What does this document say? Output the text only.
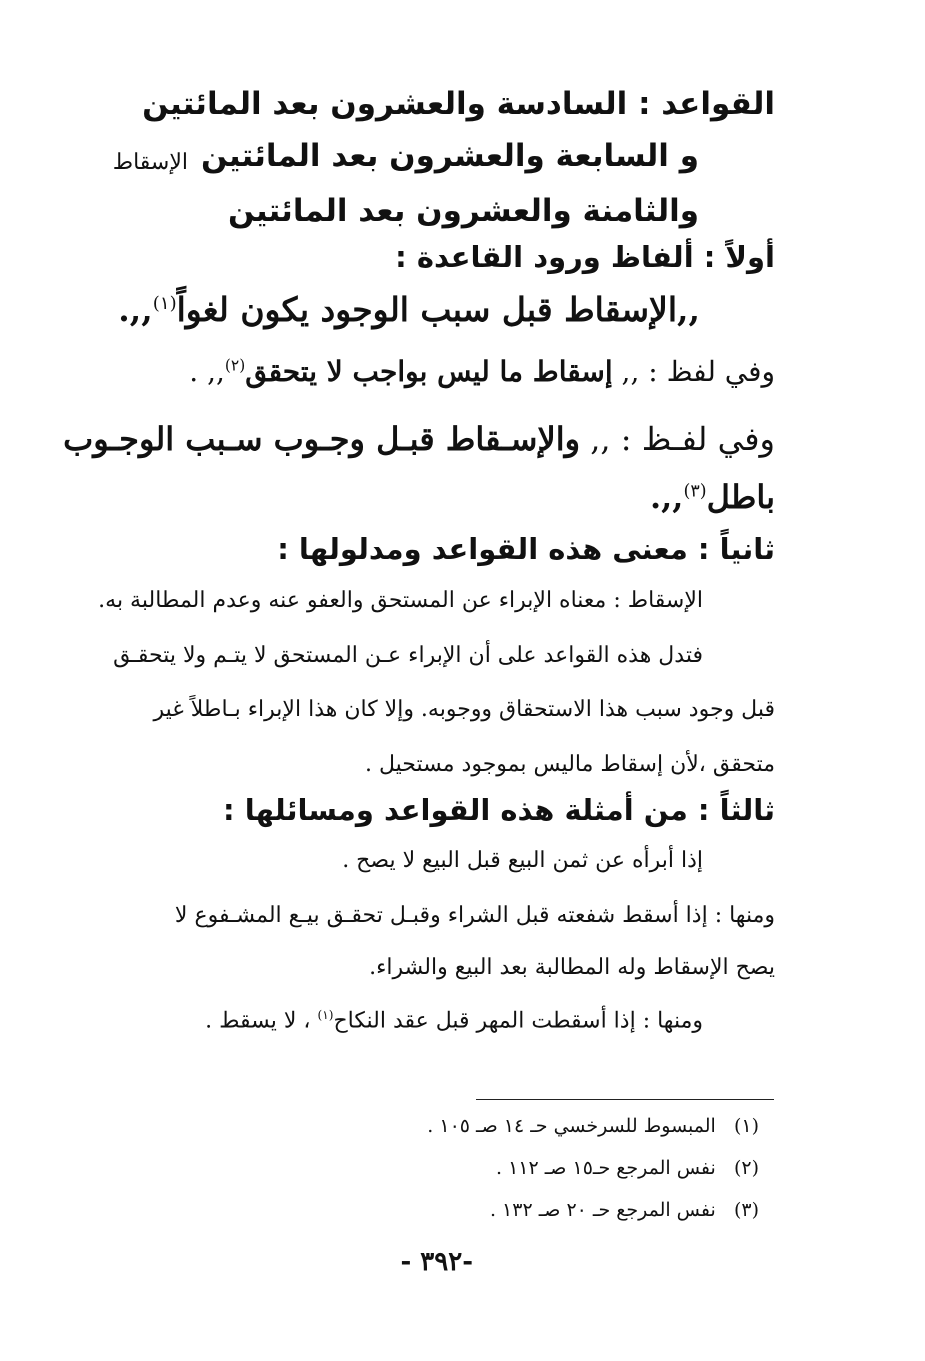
القواعد : السادسة والعشرون بعد المائتين
و السابعة والعشرون بعد المائتين
الإسقاط
والثامنة والعشرون بعد المائتين
أولاً : ألفاظ ورود القاعدة :
,,الإسقاط قبل سبب الوجود يكون لغواً$^{(١)}$,,.
وفي لفظ : ,, إسقاط ما ليس بواجب لا يتحقق$^{(٢)}$,, .
وفي لفـظ : ,, والإسـقاط قبـل وجـوب سـبب الوجـوب
باطل$^{(٣)}$,,.
ثانياً : معنى هذه القواعد ومدلولها :
الإسقاط : معناه الإبراء عن المستحق والعفو عنه وعدم المطالبة به.
فتدل هذه القواعد على أن الإبراء عـن المستحق لا يتـم ولا يتحقـق
قبل وجود سبب هذا الاستحقاق ووجوبه. وإلا كان هذا الإبراء بـاطلاً غير
متحقق ،لأن إسقاط ماليس بموجود مستحيل .
ثالثاً : من أمثلة هذه القواعد ومسائلها :
إذا أبرأه عن ثمن البيع قبل البيع لا يصح .
ومنها : إذا أسقط شفعته قبل الشراء وقبـل تحقـق بيـع المشـفوع لا
يصح الإسقاط وله المطالبة بعد البيع والشراء.
ومنها : إذا أسقطت المهر قبل عقد النكاح$^{(١)}$ ، لا يسقط .
(١)   المبسوط للسرخسي حـ ١٤ صـ ١٠٥ .
(٢)   نفس المرجع حـ١٥ صـ ١١٢ .
(٣)   نفس المرجع حـ ٢٠ صـ ١٣٢ .
- ٣٩٢-
